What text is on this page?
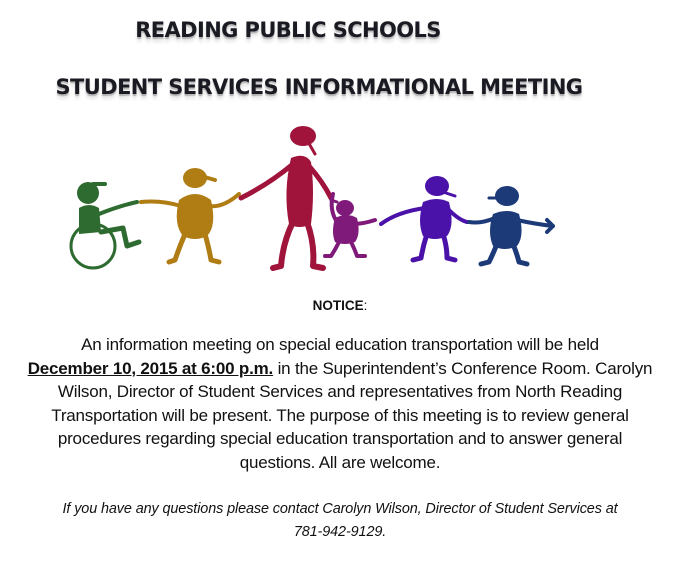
READING PUBLIC SCHOOLS
STUDENT SERVICES INFORMATIONAL MEETING
NOTICE:
An information meeting on special education transportation will be held
December 10, 2015 at 6:00 p.m. in the Superintendent’s Conference Room. Carolyn Wilson, Director of Student Services and representatives from North Reading Transportation will be present. The purpose of this meeting is to review general procedures regarding special education transportation and to answer general questions. All are welcome.
If you have any questions please contact Carolyn Wilson, Director of Student Services at
781-942-9129.
